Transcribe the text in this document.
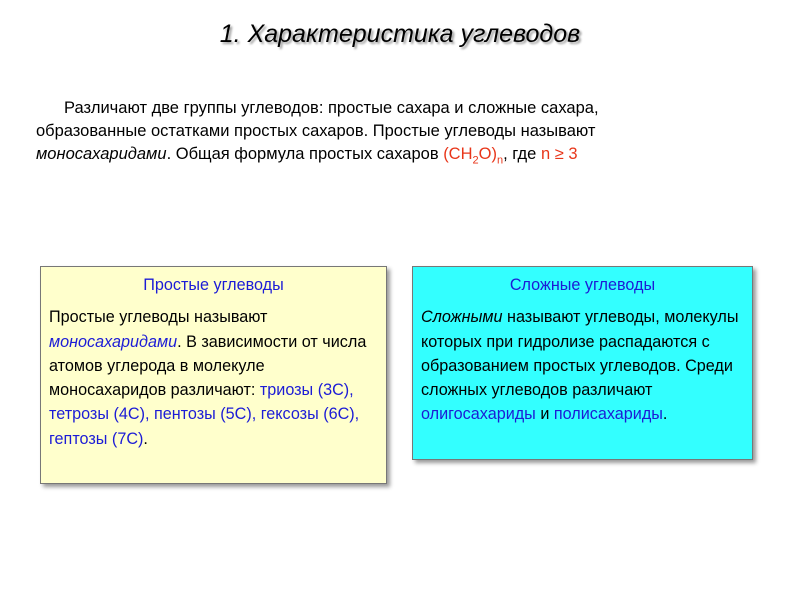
1. Характеристика углеводов
Различают две группы углеводов: простые сахара и сложные сахара,
образованные остатками простых сахаров. Простые углеводы называют
моносахаридами. Общая формула простых сахаров $(CH_2O)_n$, где n ≥ 3
Простые углеводы
Простые углеводы называют моносахаридами. В зависимости от числа атомов углерода в молекуле моносахаридов различают: триозы (3С), тетрозы (4С), пентозы (5С), гексозы (6С), гептозы (7С).
Сложные углеводы
Сложными называют углеводы, молекулы которых при гидролизе распадаются с образованием простых углеводов. Среди сложных углеводов различают олигосахариды и полисахариды.
